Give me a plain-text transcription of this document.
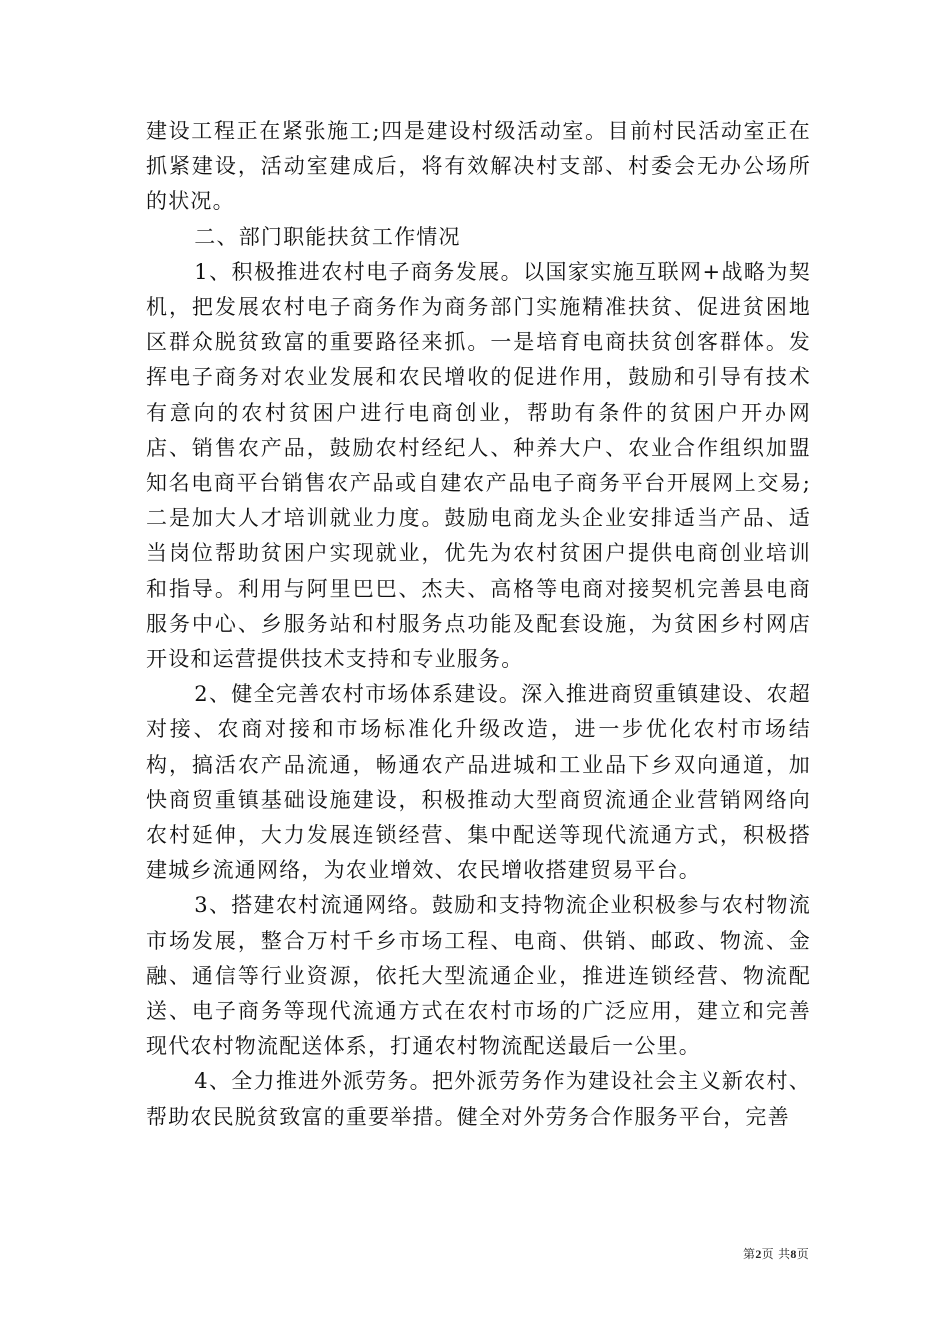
建设工程正在紧张施工;四是建设村级活动室。目前村民活动室正在抓紧建设，活动室建成后，将有效解决村支部、村委会无办公场所的状况。

二、部门职能扶贫工作情况

1、积极推进农村电子商务发展。以国家实施互联网+战略为契机，把发展农村电子商务作为商务部门实施精准扶贫、促进贫困地区群众脱贫致富的重要路径来抓。一是培育电商扶贫创客群体。发挥电子商务对农业发展和农民增收的促进作用，鼓励和引导有技术有意向的农村贫困户进行电商创业，帮助有条件的贫困户开办网店、销售农产品，鼓励农村经纪人、种养大户、农业合作组织加盟知名电商平台销售农产品或自建农产品电子商务平台开展网上交易;二是加大人才培训就业力度。鼓励电商龙头企业安排适当产品、适当岗位帮助贫困户实现就业，优先为农村贫困户提供电商创业培训和指导。利用与阿里巴巴、杰夫、高格等电商对接契机完善县电商服务中心、乡服务站和村服务点功能及配套设施，为贫困乡村网店开设和运营提供技术支持和专业服务。

2、健全完善农村市场体系建设。深入推进商贸重镇建设、农超对接、农商对接和市场标准化升级改造，进一步优化农村市场结构，搞活农产品流通，畅通农产品进城和工业品下乡双向通道，加快商贸重镇基础设施建设，积极推动大型商贸流通企业营销网络向农村延伸，大力发展连锁经营、集中配送等现代流通方式，积极搭建城乡流通网络，为农业增效、农民增收搭建贸易平台。

3、搭建农村流通网络。鼓励和支持物流企业积极参与农村物流市场发展，整合万村千乡市场工程、电商、供销、邮政、物流、金融、通信等行业资源，依托大型流通企业，推进连锁经营、物流配送、电子商务等现代流通方式在农村市场的广泛应用，建立和完善现代农村物流配送体系，打通农村物流配送最后一公里。

4、全力推进外派劳务。把外派劳务作为建设社会主义新农村、帮助农民脱贫致富的重要举措。健全对外劳务合作服务平台，完善

第2页 共8页
